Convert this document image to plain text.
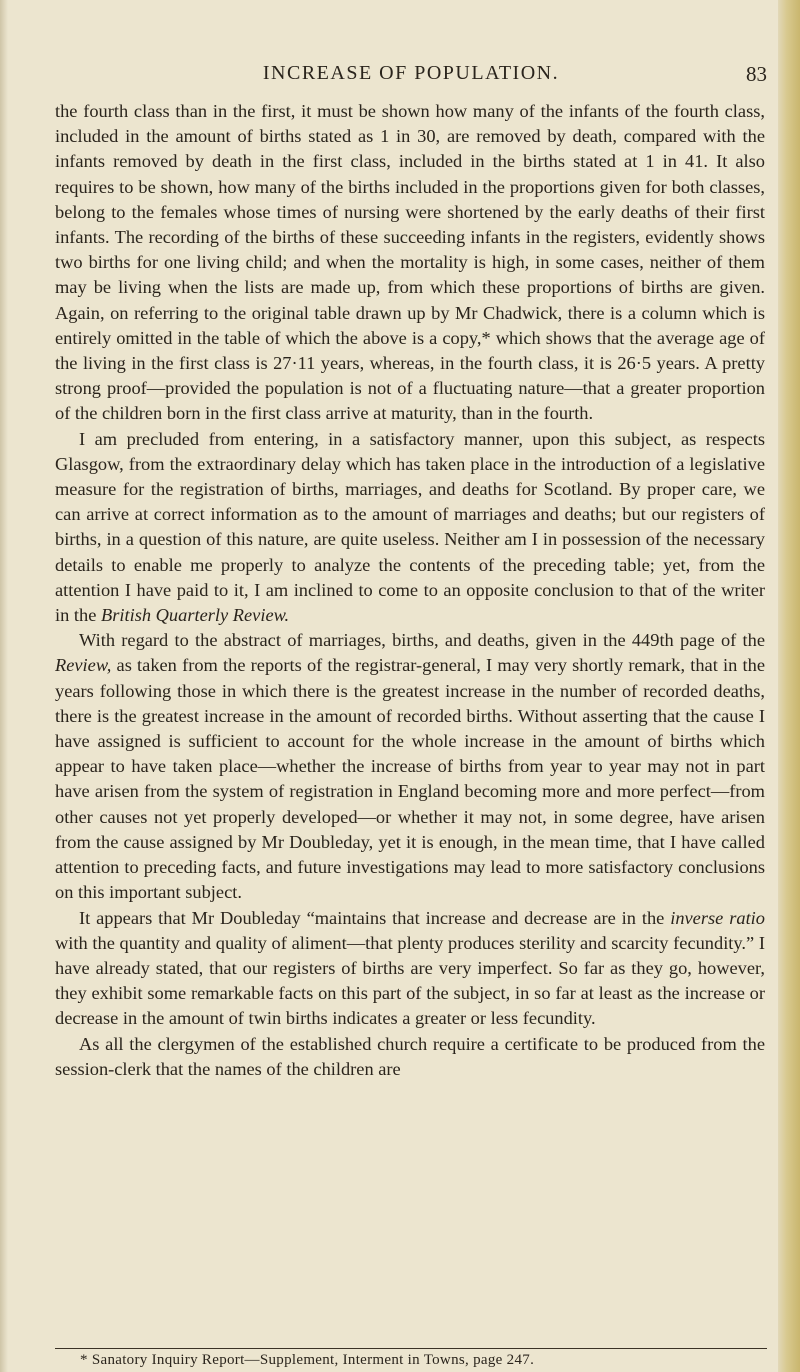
INCREASE OF POPULATION.	83

the fourth class than in the first, it must be shown how many of the infants of the fourth class, included in the amount of births stated as 1 in 30, are removed by death, compared with the infants removed by death in the first class, included in the births stated at 1 in 41. It also requires to be shown, how many of the births included in the proportions given for both classes, belong to the females whose times of nursing were shortened by the early deaths of their first infants. The recording of the births of these succeeding infants in the registers, evidently shows two births for one living child; and when the mortality is high, in some cases, neither of them may be living when the lists are made up, from which these proportions of births are given. Again, on referring to the original table drawn up by Mr Chadwick, there is a column which is entirely omitted in the table of which the above is a copy,* which shows that the average age of the living in the first class is 27·11 years, whereas, in the fourth class, it is 26·5 years. A pretty strong proof—provided the population is not of a fluctuating nature—that a greater proportion of the children born in the first class arrive at maturity, than in the fourth.

I am precluded from entering, in a satisfactory manner, upon this subject, as respects Glasgow, from the extraordinary delay which has taken place in the introduction of a legislative measure for the registration of births, marriages, and deaths for Scotland. By proper care, we can arrive at correct information as to the amount of marriages and deaths; but our registers of births, in a question of this nature, are quite useless. Neither am I in possession of the necessary details to enable me properly to analyze the contents of the preceding table; yet, from the attention I have paid to it, I am inclined to come to an opposite conclusion to that of the writer in the British Quarterly Review.

With regard to the abstract of marriages, births, and deaths, given in the 449th page of the Review, as taken from the reports of the registrar-general, I may very shortly remark, that in the years following those in which there is the greatest increase in the number of recorded deaths, there is the greatest increase in the amount of recorded births. Without asserting that the cause I have assigned is sufficient to account for the whole increase in the amount of births which appear to have taken place—whether the increase of births from year to year may not in part have arisen from the system of registration in England becoming more and more perfect—from other causes not yet properly developed—or whether it may not, in some degree, have arisen from the cause assigned by Mr Doubleday, yet it is enough, in the mean time, that I have called attention to preceding facts, and future investigations may lead to more satisfactory conclusions on this important subject.

It appears that Mr Doubleday “maintains that increase and decrease are in the inverse ratio with the quantity and quality of aliment—that plenty produces sterility and scarcity fecundity.” I have already stated, that our registers of births are very imperfect. So far as they go, however, they exhibit some remarkable facts on this part of the subject, in so far at least as the increase or decrease in the amount of twin births indicates a greater or less fecundity.

As all the clergymen of the established church require a certificate to be produced from the session-clerk that the names of the children are

* Sanatory Inquiry Report—Supplement, Interment in Towns, page 247.
